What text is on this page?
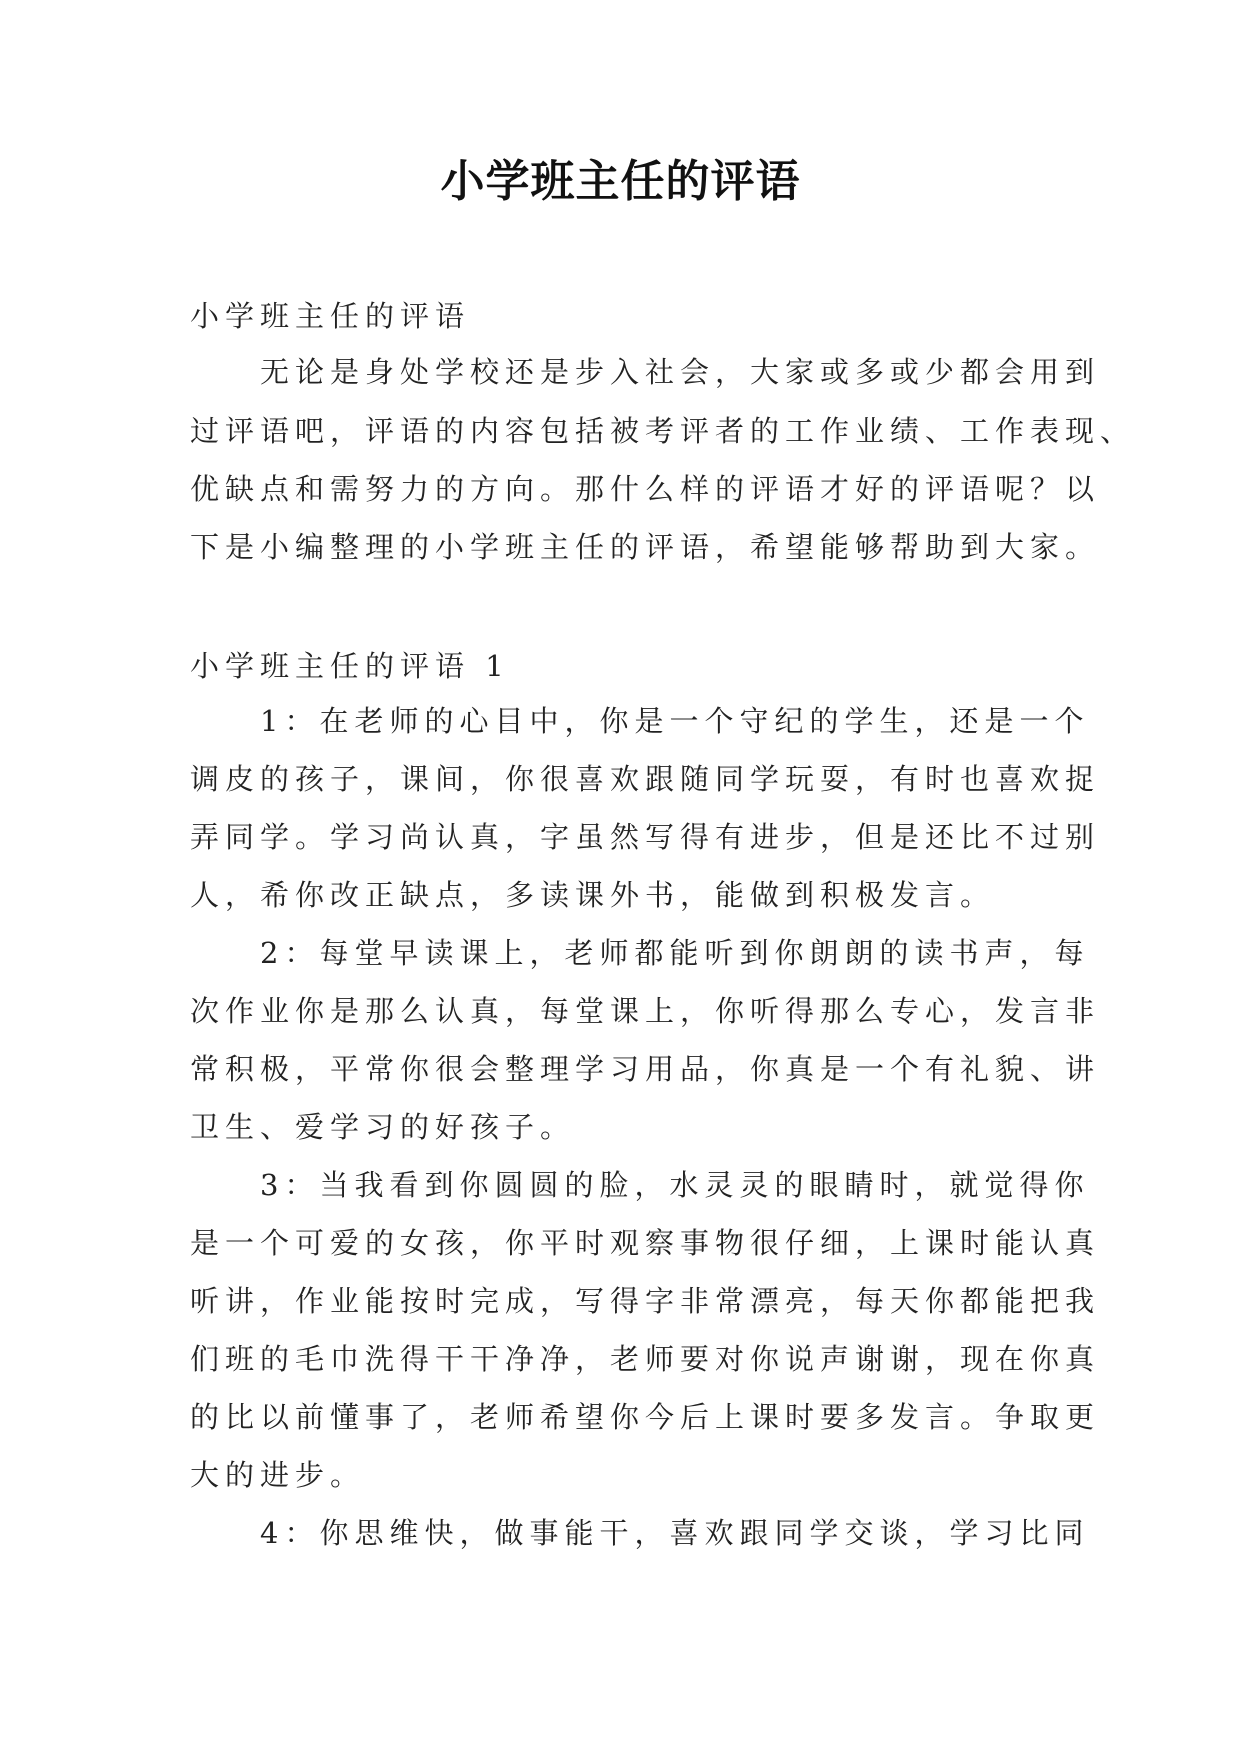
小学班主任的评语
小学班主任的评语
　　无论是身处学校还是步入社会，大家或多或少都会用到
过评语吧，评语的内容包括被考评者的工作业绩、工作表现、
优缺点和需努力的方向。那什么样的评语才好的评语呢？以
下是小编整理的小学班主任的评语，希望能够帮助到大家。
小学班主任的评语 1
　　1：在老师的心目中，你是一个守纪的学生，还是一个
调皮的孩子，课间，你很喜欢跟随同学玩耍，有时也喜欢捉
弄同学。学习尚认真，字虽然写得有进步，但是还比不过别
人，希你改正缺点，多读课外书，能做到积极发言。
　　2：每堂早读课上，老师都能听到你朗朗的读书声，每
次作业你是那么认真，每堂课上，你听得那么专心，发言非
常积极，平常你很会整理学习用品，你真是一个有礼貌、讲
卫生、爱学习的好孩子。
　　3：当我看到你圆圆的脸，水灵灵的眼睛时，就觉得你
是一个可爱的女孩，你平时观察事物很仔细，上课时能认真
听讲，作业能按时完成，写得字非常漂亮，每天你都能把我
们班的毛巾洗得干干净净，老师要对你说声谢谢，现在你真
的比以前懂事了，老师希望你今后上课时要多发言。争取更
大的进步。
　　4：你思维快，做事能干，喜欢跟同学交谈，学习比同
